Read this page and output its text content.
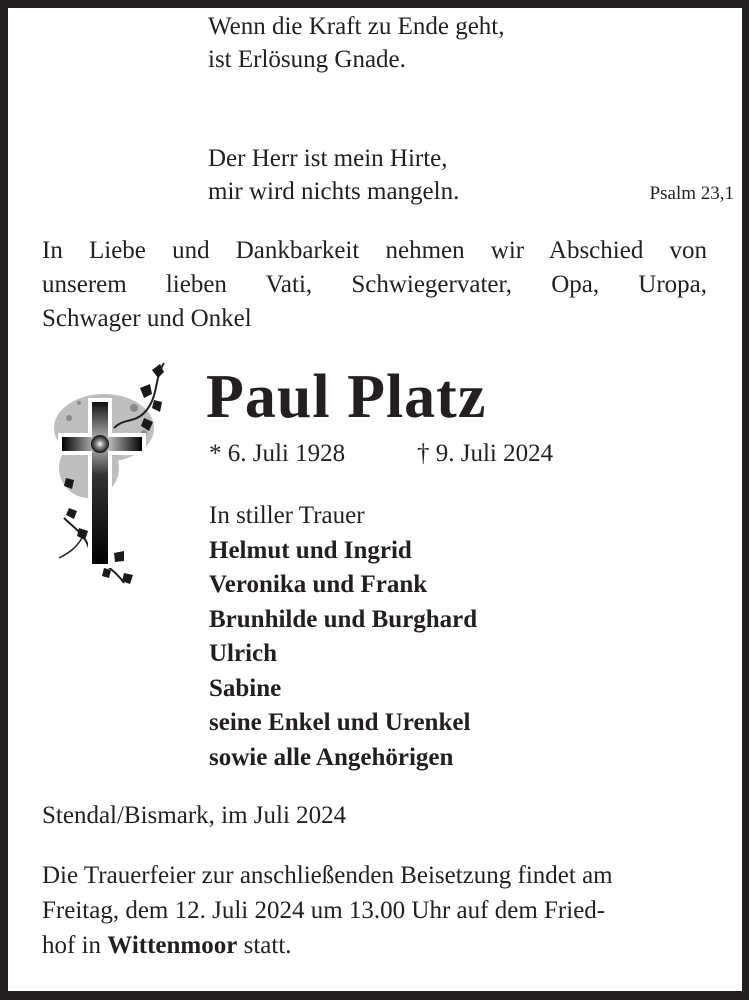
Wenn die Kraft zu Ende geht,
ist Erlösung Gnade.
Der Herr ist mein Hirte,
mir wird nichts mangeln.	Psalm 23,1
In Liebe und Dankbarkeit nehmen wir Abschied von
unserem lieben Vati, Schwiegervater, Opa, Uropa,
Schwager und Onkel
Paul Platz
* 6. Juli 1928	† 9. Juli 2024
In stiller Trauer
Helmut und Ingrid
Veronika und Frank
Brunhilde und Burghard
Ulrich
Sabine
seine Enkel und Urenkel
sowie alle Angehörigen
Stendal/Bismark, im Juli 2024
Die Trauerfeier zur anschließenden Beisetzung findet am
Freitag, dem 12. Juli 2024 um 13.00 Uhr auf dem Fried-
hof in Wittenmoor statt.
